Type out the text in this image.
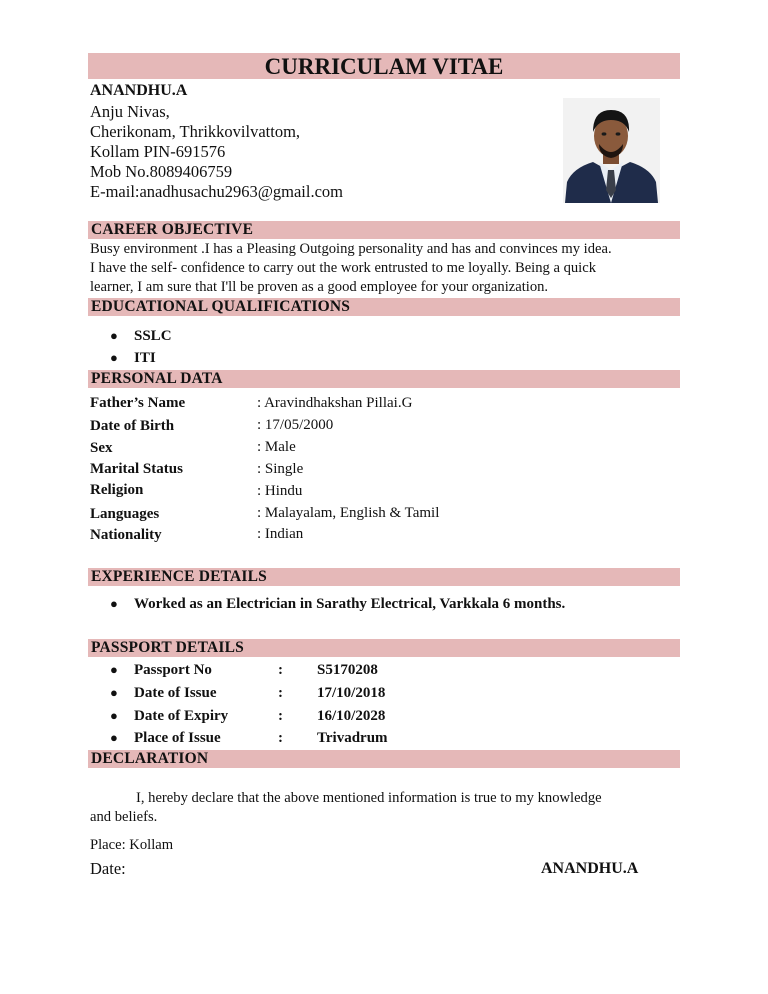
CURRICULAM VITAE
ANANDHU.A
Anju Nivas,
Cherikonam, Thrikkovilvattom,
Kollam PIN-691576
Mob No.8089406759
E-mail:anadhusachu2963@gmail.com
CAREER OBJECTIVE
Busy environment .I has a Pleasing Outgoing personality and has and convinces my idea.
I have the self- confidence to carry out the work entrusted to me loyally. Being a quick
learner, I am sure that I'll be proven as a good employee for your organization.
EDUCATIONAL QUALIFICATIONS
● SSLC
● ITI
PERSONAL DATA
Father’s Name	: Aravindhakshan Pillai.G
Date of Birth	: 17/05/2000
Sex	: Male
Marital Status	: Single
Religion	: Hindu
Languages	: Malayalam, English & Tamil
Nationality	: Indian
EXPERIENCE DETAILS
● Worked as an Electrician in Sarathy Electrical, Varkkala 6 months.
PASSPORT DETAILS
● Passport No	: S5170208
● Date of Issue	: 17/10/2018
● Date of Expiry	: 16/10/2028
● Place of Issue	: Trivadrum
DECLARATION
I, hereby declare that the above mentioned information is true to my knowledge
and beliefs.
Place: Kollam
Date:	ANANDHU.A
